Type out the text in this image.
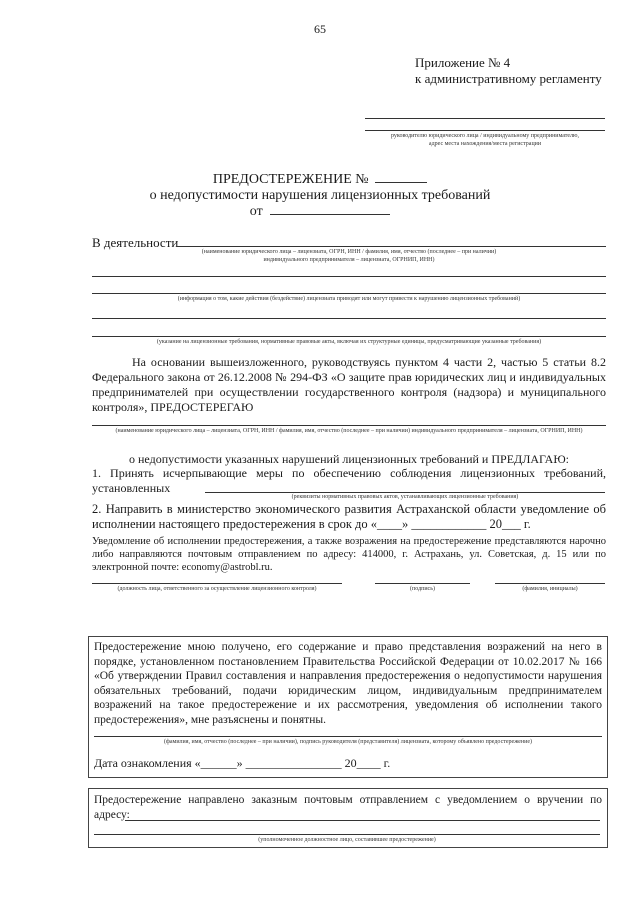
65
Приложение № 4
к административному регламенту
руководителю юридического лица / индивидуальному предпринимателю,
адрес места нахождения/места регистрации
ПРЕДОСТЕРЕЖЕНИЕ №
о недопустимости нарушения лицензионных требований
от
В деятельности
(наименование юридического лица – лицензиата, ОГРН, ИНН / фамилия, имя, отчество (последнее – при наличии)
индивидуального предпринимателя – лицензиата, ОГРНИП, ИНН)
(информация о том, какие действия (бездействие) лицензиата приводят или могут привести к нарушению лицензионных требований)
(указание на лицензионные требования, нормативные правовые акты, включая их структурные единицы, предусматривающие указанные требования)
На основании вышеизложенного, руководствуясь пунктом 4 части 2, частью 5 статьи 8.2 Федерального закона от 26.12.2008 № 294-ФЗ «О защите прав юридических лиц и индивидуальных предпринимателей при осуществлении государственного контроля (надзора) и муниципального контроля», ПРЕДОСТЕРЕГАЮ
(наименование юридического лица – лицензиата, ОГРН, ИНН / фамилия, имя, отчество (последнее – при наличии) индивидуального предпринимателя – лицензиата, ОГРНИП, ИНН)
о недопустимости указанных нарушений лицензионных требований и ПРЕДЛАГАЮ:
1. Принять исчерпывающие меры по обеспечению соблюдения лицензионных требований, установленных
(реквизиты нормативных правовых актов, устанавливающих лицензионные требования)
2. Направить в министерство экономического развития Астраханской области уведомление об исполнении настоящего предостережения в срок до «____» ____________ 20___ г.
Уведомление об исполнении предостережения, а также возражения на предостережение представляются нарочно либо направляются почтовым отправлением по адресу: 414000, г. Астрахань, ул. Советская, д. 15 или по электронной почте: economy@astrobl.ru.
(должность лица, ответственного за осуществление лицензионного контроля)	(подпись)	(фамилия, инициалы)
Предостережение мною получено, его содержание и право представления возражений на него в порядке, установленном постановлением Правительства Российской Федерации от 10.02.2017 № 166 «Об утверждении Правил составления и направления предостережения о недопустимости нарушения обязательных требований, подачи юридическим лицом, индивидуальным предпринимателем возражений на такое предостережение и их рассмотрения, уведомления об исполнении такого предостережения», мне разъяснены и понятны.
(фамилия, имя, отчество (последнее – при наличии), подпись руководителя (представителя) лицензиата, которому объявлено предостережение)
Дата ознакомления «______» ________________ 20____ г.
Предостережение направлено заказным почтовым отправлением с уведомлением о вручении по адресу:
(уполномоченное должностное лицо, составившее предостережение)
